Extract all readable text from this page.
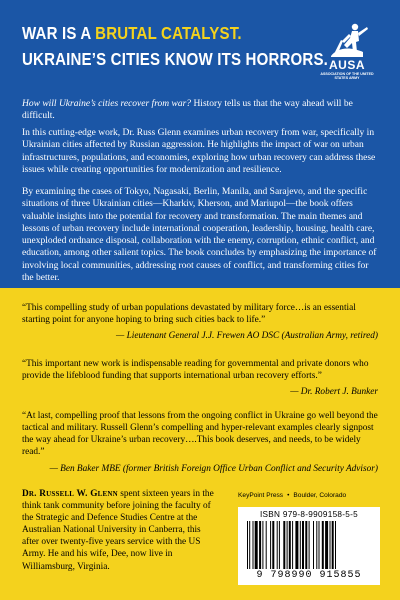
WAR IS A BRUTAL CATALYST.
UKRAINE’S CITIES KNOW ITS HORRORS. AUSA
ASSOCIATION OF THE UNITED STATES ARMY

How will Ukraine’s cities recover from war? History tells us that the way ahead will be difficult.

In this cutting-edge work, Dr. Russ Glenn examines urban recovery from war, specifically in Ukrainian cities affected by Russian aggression. He highlights the impact of war on urban infrastructures, populations, and economies, exploring how urban recovery can address these issues while creating opportunities for modernization and resilience.

By examining the cases of Tokyo, Nagasaki, Berlin, Manila, and Sarajevo, and the specific situations of three Ukrainian cities—Kharkiv, Kherson, and Mariupol—the book offers valuable insights into the potential for recovery and transformation. The main themes and lessons of urban recovery include international cooperation, leadership, housing, health care, unexploded ordnance disposal, collaboration with the enemy, corruption, ethnic conflict, and education, among other salient topics. The book concludes by emphasizing the importance of involving local communities, addressing root causes of conflict, and transforming cities for the better.

“This compelling study of urban populations devastated by military force…is an essential starting point for anyone hoping to bring such cities back to life.”

— Lieutenant General J.J. Frewen AO DSC (Australian Army, retired)

“This important new work is indispensable reading for governmental and private donors who provide the lifeblood funding that supports international urban recovery efforts.”

— Dr. Robert J. Bunker

“At last, compelling proof that lessons from the ongoing conflict in Ukraine go well beyond the tactical and military. Russell Glenn’s compelling and hyper-relevant examples clearly signpost the way ahead for Ukraine’s urban recovery….This book deserves, and needs, to be widely read.”

— Ben Baker MBE (former British Foreign Office Urban Conflict and Security Advisor)

Dr. Russell W. Glenn spent sixteen years in the think tank community before joining the faculty of the Strategic and Defence Studies Centre at the Australian National University in Canberra, this after over twenty-five years service with the US Army. He and his wife, Dee, now live in Williamsburg, Virginia.

KeyPoint Press • Boulder, Colorado
ISBN 979-8-9909158-5-5
9 798990 915855
